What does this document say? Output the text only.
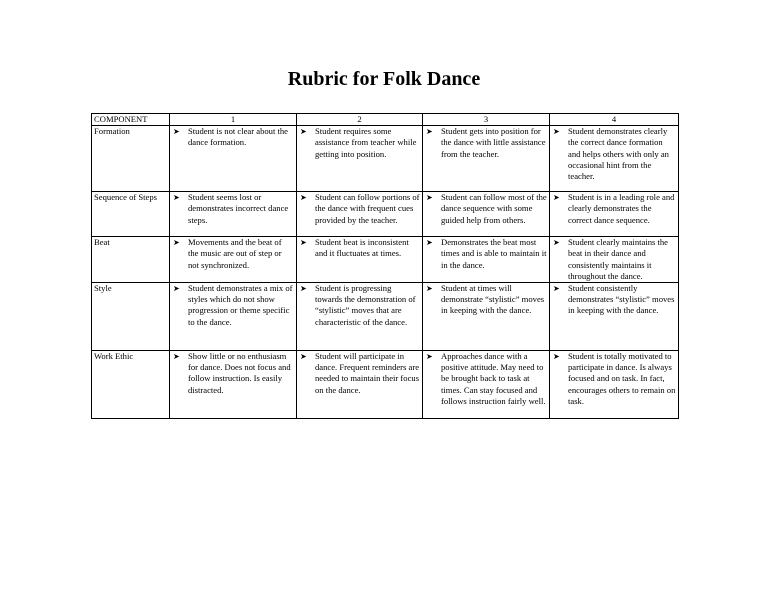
Rubric for Folk Dance
COMPONENT	1	2	3	4
Formation	➤ Student is not clear about the dance formation.	➤ Student requires some assistance from teacher while getting into position.	➤ Student gets into position for the dance with little assistance from the teacher.	➤ Student demonstrates clearly the correct dance formation and helps others with only an occasional hint from the teacher.

Sequence of Steps	➤ Student seems lost or demonstrates incorrect dance steps.	➤ Student can follow portions of the dance with frequent cues provided by the teacher.	➤ Student can follow most of the dance sequence with some guided help from others.	➤ Student is in a leading role and clearly demonstrates the correct dance sequence.

Beat	➤ Movements and the beat of the music are out of step or not synchronized.	➤ Student beat is inconsistent and it fluctuates at times.	➤ Demonstrates the beat most times and is able to maintain it in the dance.	➤ Student clearly maintains the beat in their dance and consistently maintains it throughout the dance.

Style	➤ Student demonstrates a mix of styles which do not show progression or theme specific to the dance.	➤ Student is progressing towards the demonstration of “stylistic” moves that are characteristic of the dance.	➤ Student at times will demonstrate “stylistic” moves in keeping with the dance.	➤ Student consistently demonstrates “stylistic” moves in keeping with the dance.

Work Ethic	➤ Show little or no enthusiasm for dance. Does not focus and follow instruction. Is easily distracted.	➤ Student will participate in dance. Frequent reminders are needed to maintain their focus on the dance.	➤ Approaches dance with a positive attitude. May need to be brought back to task at times. Can stay focused and follows instruction fairly well.	➤ Student is totally motivated to participate in dance. Is always focused and on task. In fact, encourages others to remain on task.
